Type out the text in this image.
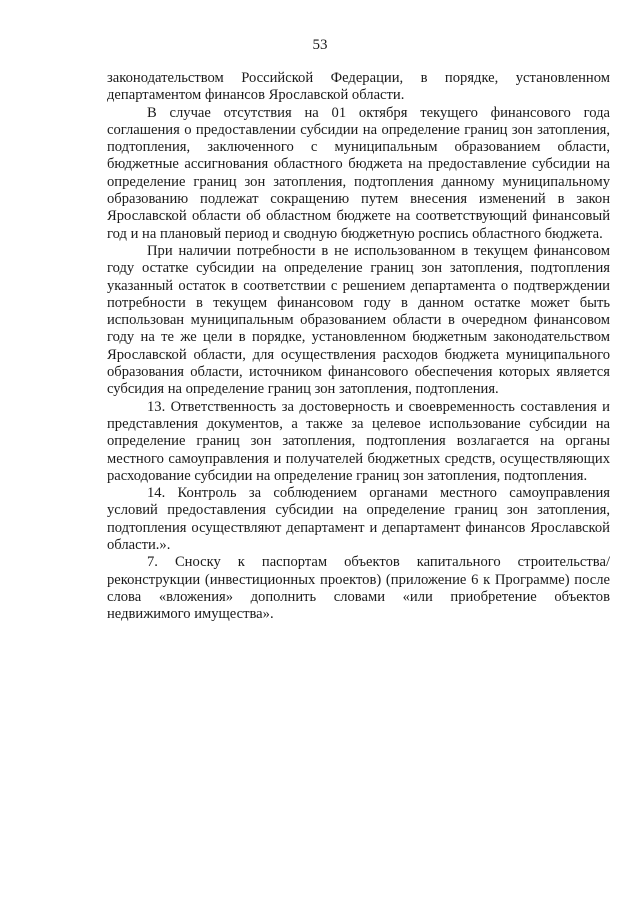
53

законодательством Российской Федерации, в порядке, установленном департаментом финансов Ярославской области.

В случае отсутствия на 01 октября текущего финансового года соглашения о предоставлении субсидии на определение границ зон затопления, подтопления, заключенного с муниципальным образованием области, бюджетные ассигнования областного бюджета на предоставление субсидии на определение границ зон затопления, подтопления данному муниципальному образованию подлежат сокращению путем внесения изменений в закон Ярославской области об областном бюджете на соответствующий финансовый год и на плановый период и сводную бюджетную роспись областного бюджета.

При наличии потребности в не использованном в текущем финансовом году остатке субсидии на определение границ зон затопления, подтопления указанный остаток в соответствии с решением департамента о подтверждении потребности в текущем финансовом году в данном остатке может быть использован муниципальным образованием области в очередном финансовом году на те же цели в порядке, установленном бюджетным законодательством Ярославской области, для осуществления расходов бюджета муниципального образования области, источником финансового обеспечения которых является субсидия на определение границ зон затопления, подтопления.

13. Ответственность за достоверность и своевременность составления и представления документов, а также за целевое использование субсидии на определение границ зон затопления, подтопления возлагается на органы местного самоуправления и получателей бюджетных средств, осуществляющих расходование субсидии на определение границ зон затопления, подтопления.

14. Контроль за соблюдением органами местного самоуправления условий предоставления субсидии на определение границ зон затопления, подтопления осуществляют департамент и департамент финансов Ярославской области.».

7. Сноску к паспортам объектов капитального строительства/ реконструкции (инвестиционных проектов) (приложение 6 к Программе) после слова «вложения» дополнить словами «или приобретение объектов недвижимого имущества».
